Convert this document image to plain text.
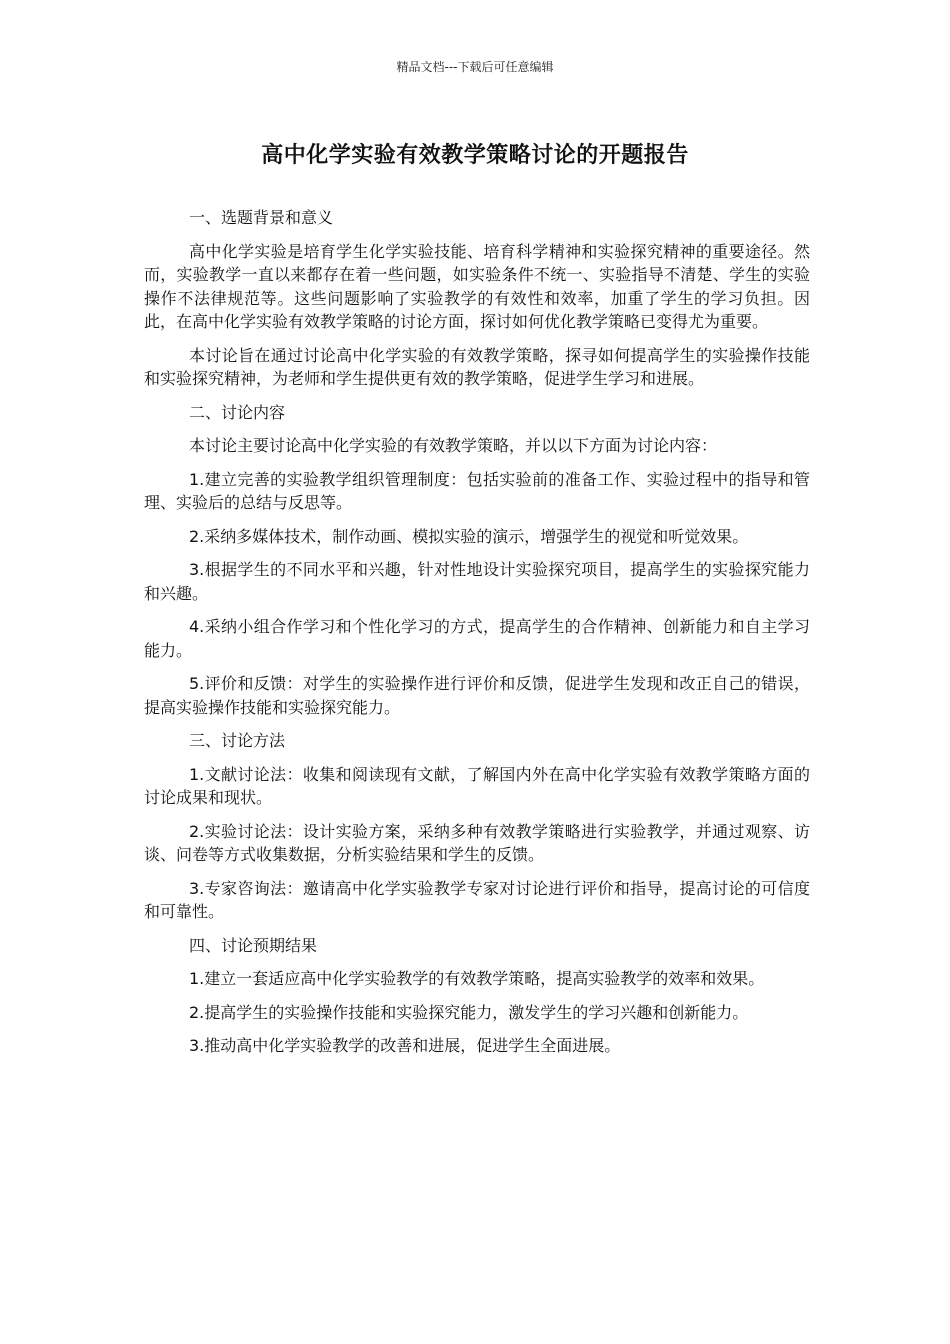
精品文档---下载后可任意编辑
高中化学实验有效教学策略讨论的开题报告
一、选题背景和意义
高中化学实验是培育学生化学实验技能、培育科学精神和实验探究精神的重要途径。然而，实验教学一直以来都存在着一些问题，如实验条件不统一、实验指导不清楚、学生的实验操作不法律规范等。这些问题影响了实验教学的有效性和效率，加重了学生的学习负担。因此，在高中化学实验有效教学策略的讨论方面，探讨如何优化教学策略已变得尤为重要。
本讨论旨在通过讨论高中化学实验的有效教学策略，探寻如何提高学生的实验操作技能和实验探究精神，为老师和学生提供更有效的教学策略，促进学生学习和进展。
二、讨论内容
本讨论主要讨论高中化学实验的有效教学策略，并以以下方面为讨论内容：
1.建立完善的实验教学组织管理制度：包括实验前的准备工作、实验过程中的指导和管理、实验后的总结与反思等。
2.采纳多媒体技术，制作动画、模拟实验的演示，增强学生的视觉和听觉效果。
3.根据学生的不同水平和兴趣，针对性地设计实验探究项目，提高学生的实验探究能力和兴趣。
4.采纳小组合作学习和个性化学习的方式，提高学生的合作精神、创新能力和自主学习能力。
5.评价和反馈：对学生的实验操作进行评价和反馈，促进学生发现和改正自己的错误，提高实验操作技能和实验探究能力。
三、讨论方法
1.文献讨论法：收集和阅读现有文献，了解国内外在高中化学实验有效教学策略方面的讨论成果和现状。
2.实验讨论法：设计实验方案，采纳多种有效教学策略进行实验教学，并通过观察、访谈、问卷等方式收集数据，分析实验结果和学生的反馈。
3.专家咨询法：邀请高中化学实验教学专家对讨论进行评价和指导，提高讨论的可信度和可靠性。
四、讨论预期结果
1.建立一套适应高中化学实验教学的有效教学策略，提高实验教学的效率和效果。
2.提高学生的实验操作技能和实验探究能力，激发学生的学习兴趣和创新能力。
3.推动高中化学实验教学的改善和进展，促进学生全面进展。
